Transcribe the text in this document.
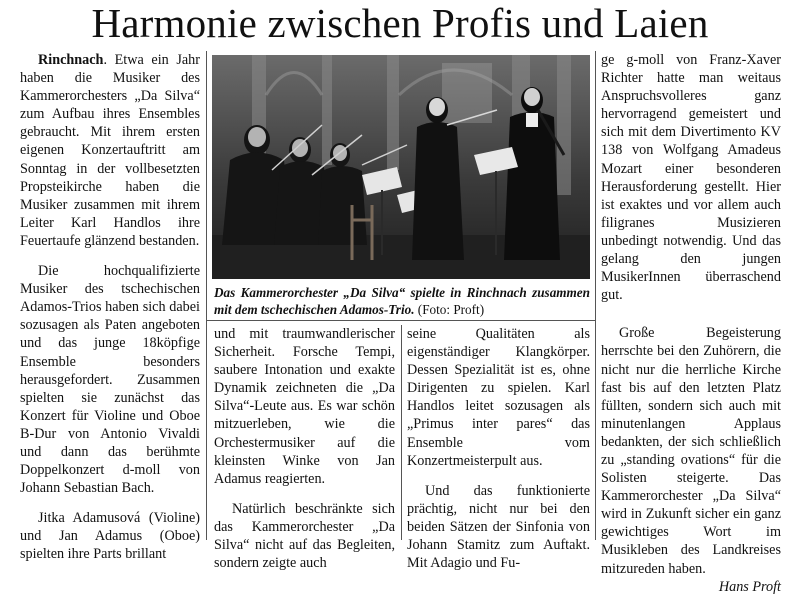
Harmonie zwischen Profis und Laien

Rinchnach. Etwa ein Jahr haben die Musiker des Kammerorchesters „Da Silva“ zum Aufbau ihres Ensembles gebraucht. Mit ihrem ersten eigenen Konzertauftritt am Sonntag in der vollbesetzten Propsteikirche haben die Musiker zusammen mit ihrem Leiter Karl Handlos ihre Feuertaufe glänzend bestanden.

Die hochqualifizierte Musiker des tschechischen Adamos-Trios haben sich dabei sozusagen als Paten angeboten und das junge 18köpfige Ensemble besonders herausgefordert. Zusammen spielten sie zunächst das Konzert für Violine und Oboe B-Dur von Antonio Vivaldi und dann das berühmte Doppelkonzert d-moll von Johann Sebastian Bach.

Jitka Adamusová (Violine) und Jan Adamus (Oboe) spielten ihre Parts brillant

Das Kammerorchester „Da Silva“ spielte in Rinchnach zusammen mit dem tschechischen Adamos-Trio. (Foto: Proft)

und mit traumwandlerischer Sicherheit. Forsche Tempi, saubere Intonation und exakte Dynamik zeichneten die „Da Silva“-Leute aus. Es war schön mitzuerleben, wie die Orchestermusiker auf die kleinsten Winke von Jan Adamus reagierten.

Natürlich beschränkte sich das Kammerorchester „Da Silva“ nicht auf das Begleiten, sondern zeigte auch

seine Qualitäten als eigenständiger Klangkörper. Dessen Spezialität ist es, ohne Dirigenten zu spielen. Karl Handlos leitet sozusagen als „Primus inter pares“ das Ensemble vom Konzertmeisterpult aus.

Und das funktionierte prächtig, nicht nur bei den beiden Sätzen der Sinfonia von Johann Stamitz zum Auftakt. Mit Adagio und Fu-

ge g-moll von Franz-Xaver Richter hatte man weitaus Anspruchsvolleres ganz hervorragend gemeistert und sich mit dem Divertimento KV 138 von Wolfgang Amadeus Mozart einer besonderen Herausforderung gestellt. Hier ist exaktes und vor allem auch filigranes Musizieren unbedingt notwendig. Und das gelang den jungen MusikerInnen überraschend gut.

Große Begeisterung herrschte bei den Zuhörern, die nicht nur die herrliche Kirche fast bis auf den letzten Platz füllten, sondern sich auch mit minutenlangen Applaus bedankten, der sich schließlich zu „standing ovations“ für die Solisten steigerte. Das Kammerorchester „Da Silva“ wird in Zukunft sicher ein ganz gewichtiges Wort im Musikleben des Landkreises mitzureden haben.
Hans Proft
